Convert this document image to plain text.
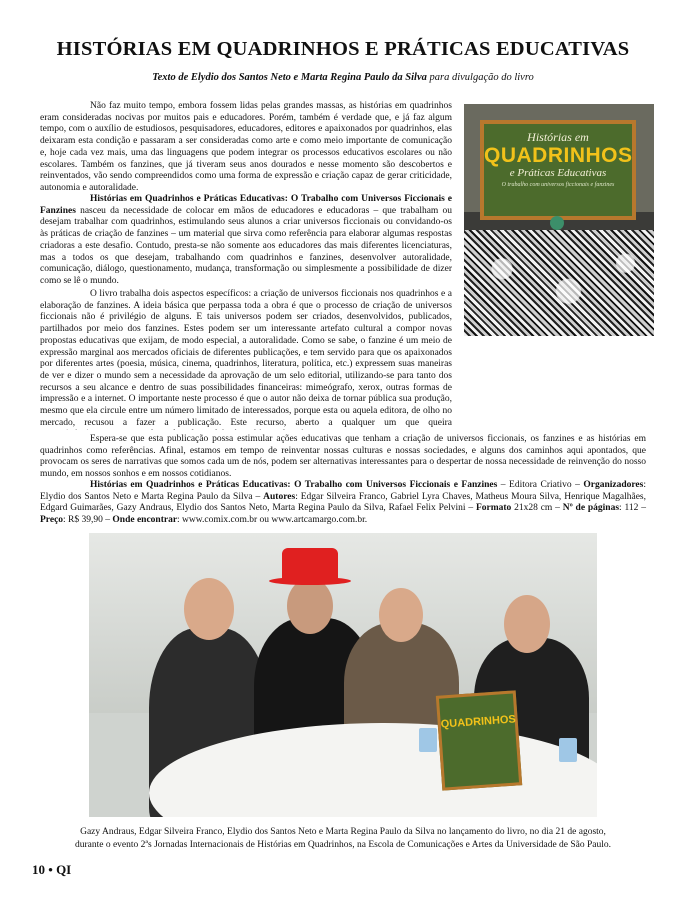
HISTÓRIAS EM QUADRINHOS E PRÁTICAS EDUCATIVAS
Texto de Elydio dos Santos Neto e Marta Regina Paulo da Silva para divulgação do livro
Histórias em
QUADRINHOS
e Práticas Educativas
O trabalho com universos ficcionais e fanzines

Não faz muito tempo, embora fossem lidas pelas grandes massas, as histórias em quadrinhos eram consideradas nocivas por muitos pais e educadores. Porém, também é verdade que, e já faz algum tempo, com o auxílio de estudiosos, pesquisadores, educadores, editores e apaixonados por quadrinhos, elas deixaram esta condição e passaram a ser consideradas como arte e como meio importante de comunicação e, hoje cada vez mais, uma das linguagens que podem integrar os processos educativos escolares ou não escolares. Também os fanzines, que já tiveram seus anos dourados e nesse momento são descobertos e reinventados, vão sendo compreendidos como uma forma de expressão e criação capaz de gerar criticidade, autonomia e autoralidade.

Histórias em Quadrinhos e Práticas Educativas: O Trabalho com Universos Ficcionais e Fanzines nasceu da necessidade de colocar em mãos de educadores e educadoras – que trabalham ou desejam trabalhar com quadrinhos, estimulando seus alunos a criar universos ficcionais ou convidando-os às práticas de criação de fanzines – um material que sirva como referência para elaborar algumas respostas criadoras a este desafio. Contudo, presta-se não somente aos educadores das mais diferentes licenciaturas, mas a todos os que desejam, trabalhando com quadrinhos e fanzines, desenvolver autoralidade, comunicação, diálogo, questionamento, mudança, transformação ou simplesmente a possibilidade de dizer como se lê o mundo.

O livro trabalha dois aspectos específicos: a criação de universos ficcionais nos quadrinhos e a elaboração de fanzines. A ideia básica que perpassa toda a obra é que o processo de criação de universos ficcionais não é privilégio de alguns. E tais universos podem ser criados, desenvolvidos, publicados, partilhados por meio dos fanzines. Estes podem ser um interessante artefato cultural a compor novas propostas educativas que exijam, de modo especial, a autoralidade. Como se sabe, o fanzine é um meio de expressão marginal aos mercados oficiais de diferentes publicações, e tem servido para que os apaixonados por diferentes artes (poesia, música, cinema, quadrinhos, literatura, política, etc.) expressem suas maneiras de ver e dizer o mundo sem a necessidade da aprovação de um selo editorial, utilizando-se para tanto dos recursos a seu alcance e dentro de suas possibilidades financeiras: mimeógrafo, xerox, outras formas de impressão e a internet. O importante neste processo é que o autor não deixa de tornar pública sua produção, mesmo que ela circule entre um número limitado de interessados, porque esta ou aquela editora, de olho no mercado, recusou a fazer a publicação. Este recurso, aberto a qualquer um que queira

Espera-se que esta publicação possa estimular ações educativas que tenham a criação de universos ficcionais, os fanzines e as histórias em quadrinhos como referências. Afinal, estamos em tempo de reinventar nossas culturas e nossas sociedades, e alguns dos caminhos aqui apontados, que provocam os seres de narrativas que somos cada um de nós, podem ser alternativas interessantes para o despertar de nossa necessidade de reinvenção do nosso mundo, em nossos sonhos e em nossos cotidianos.

Histórias em Quadrinhos e Práticas Educativas: O Trabalho com Universos Ficcionais e Fanzines – Editora Criativo – Organizadores: Elydio dos Santos Neto e Marta Regina Paulo da Silva – Autores: Edgar Silveira Franco, Gabriel Lyra Chaves, Matheus Moura Silva, Henrique Magalhães, Edgard Guimarães, Gazy Andraus, Elydio dos Santos Neto, Marta Regina Paulo da Silva, Rafael Felix Pelvini – Formato 21x28 cm – Nº de páginas: 112 – Preço: R$ 39,90 – Onde encontrar: www.comix.com.br ou www.artcamargo.com.br.

QUADRINHOS
Gazy Andraus, Edgar Silveira Franco, Elydio dos Santos Neto e Marta Regina Paulo da Silva no lançamento do livro, no dia 21 de agosto,
durante o evento 2ªs Jornadas Internacionais de Histórias em Quadrinhos, na Escola de Comunicações e Artes da Universidade de São Paulo.
10 • QI
